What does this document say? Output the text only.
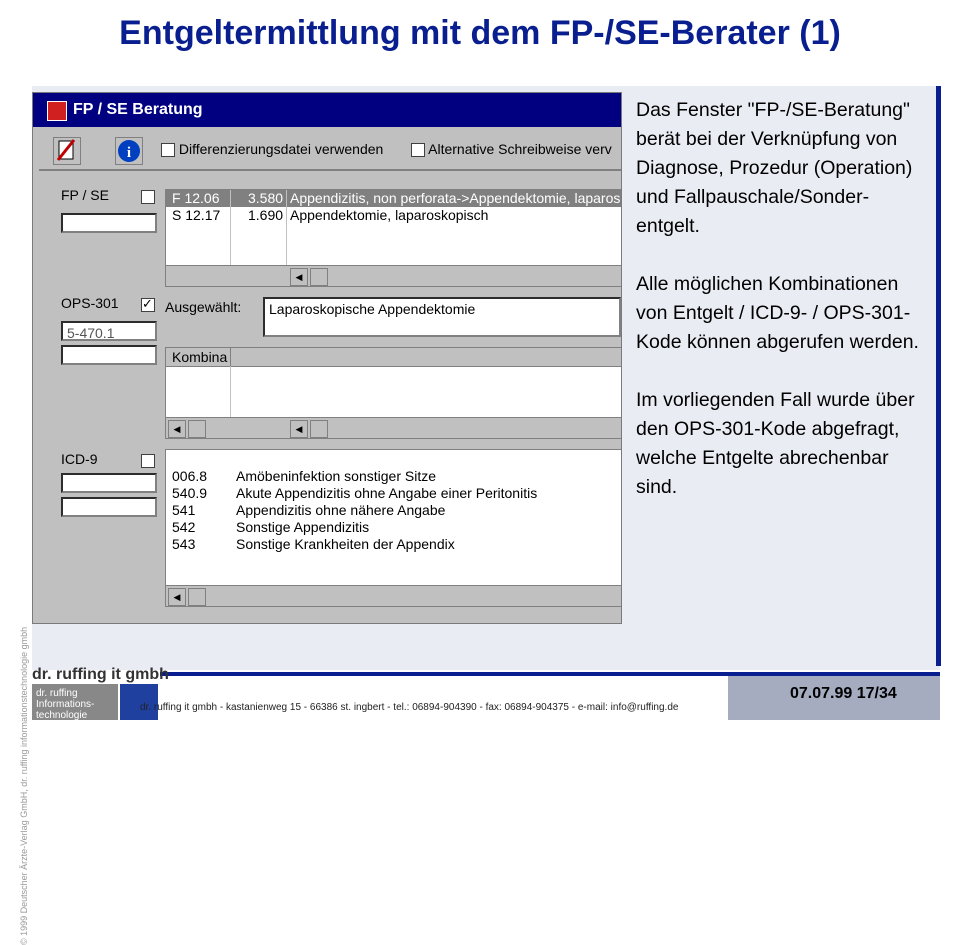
Entgeltermittlung mit dem FP-/SE-Berater (1)
© 1999 Deutscher Ärzte-Verlag GmbH, dr. ruffing informationstechnologie gmbh
FP / SE Beratung
i	Differenzierungsdatei verwenden	Alternative Schreibweise verv
FP / SE	F 12.06 3.580 Appendizitis, non perforata->Appendektomie, laparos
S 12.17 1.690 Appendektomie, laparoskopisch
◀
OPS-301
✓	Ausgewählt:	Laparoskopische Appendektomie
5-470.1
Kombina
◀	◀
ICD-9
006.8 Amöbeninfektion sonstiger Sitze
540.9 Akute Appendizitis ohne Angabe einer Peritonitis
541	Appendizitis ohne nähere Angabe
542	Sonstige Appendizitis
543	Sonstige Krankheiten der Appendix
◀

Das Fenster "FP-/SE-Beratung" berät bei der Verknüpfung von Diagnose, Prozedur (Operation) und Fallpauschale/Sonder-entgelt.

Alle möglichen Kombinationen von Entgelt / ICD-9- / OPS-301-Kode können abgerufen werden.

Im vorliegenden Fall wurde über den OPS-301-Kode abgefragt, welche Entgelte abrechenbar sind.

dr. ruffing it gmbh
dr. ruffing
Informations-
technologie
dr. ruffing it gmbh - kastanienweg 15 - 66386 st. ingbert - tel.: 06894-904390 - fax: 06894-904375 - e-mail: info@ruffing.de
07.07.99 17/34
